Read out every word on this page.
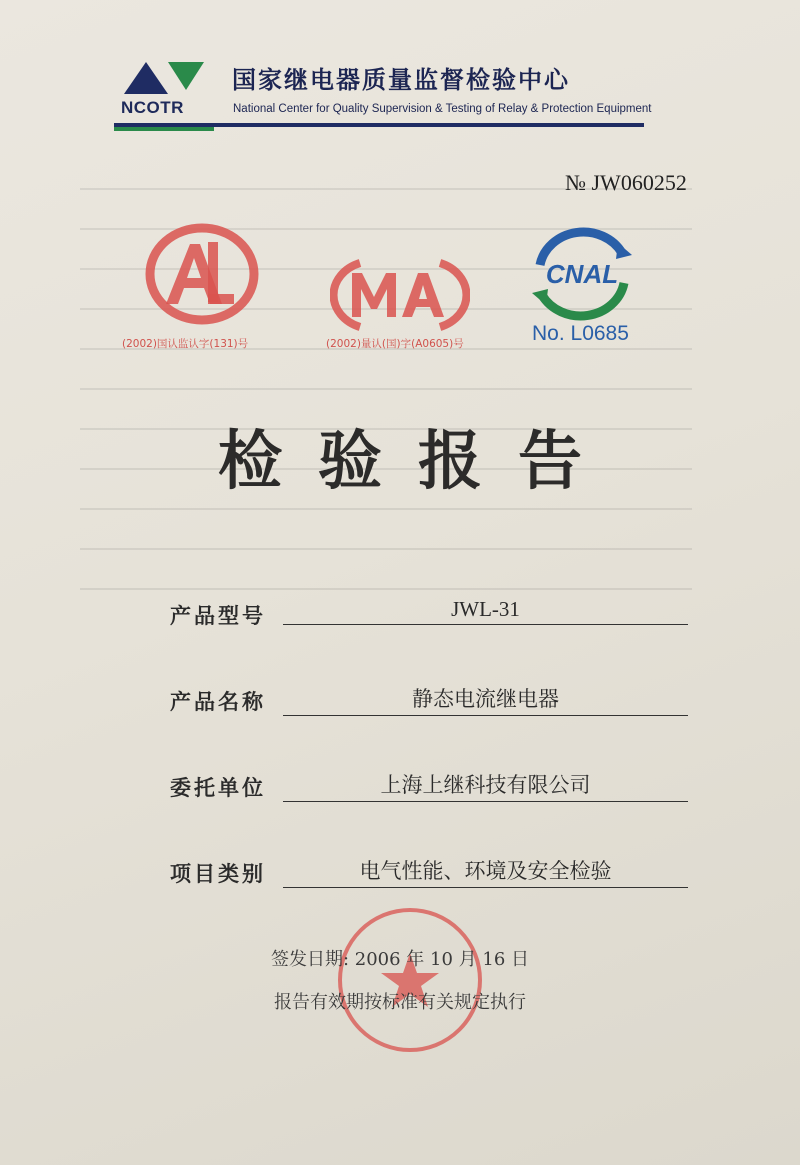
NCOTR
国家继电器质量监督检验中心
National Center for Quality Supervision & Testing of Relay & Protection Equipment
№ JW060252
(2002)国认监认字(131)号	(2002)量认(国)字(A0605)号
CNAL
No. L0685
检验报告
产品型号	JWL-31
产品名称	静态电流继电器
委托单位	上海上继科技有限公司
项目类别	电气性能、环境及安全检验
签发日期: 2006 年 10 月 16 日
报告有效期按标准有关规定执行
